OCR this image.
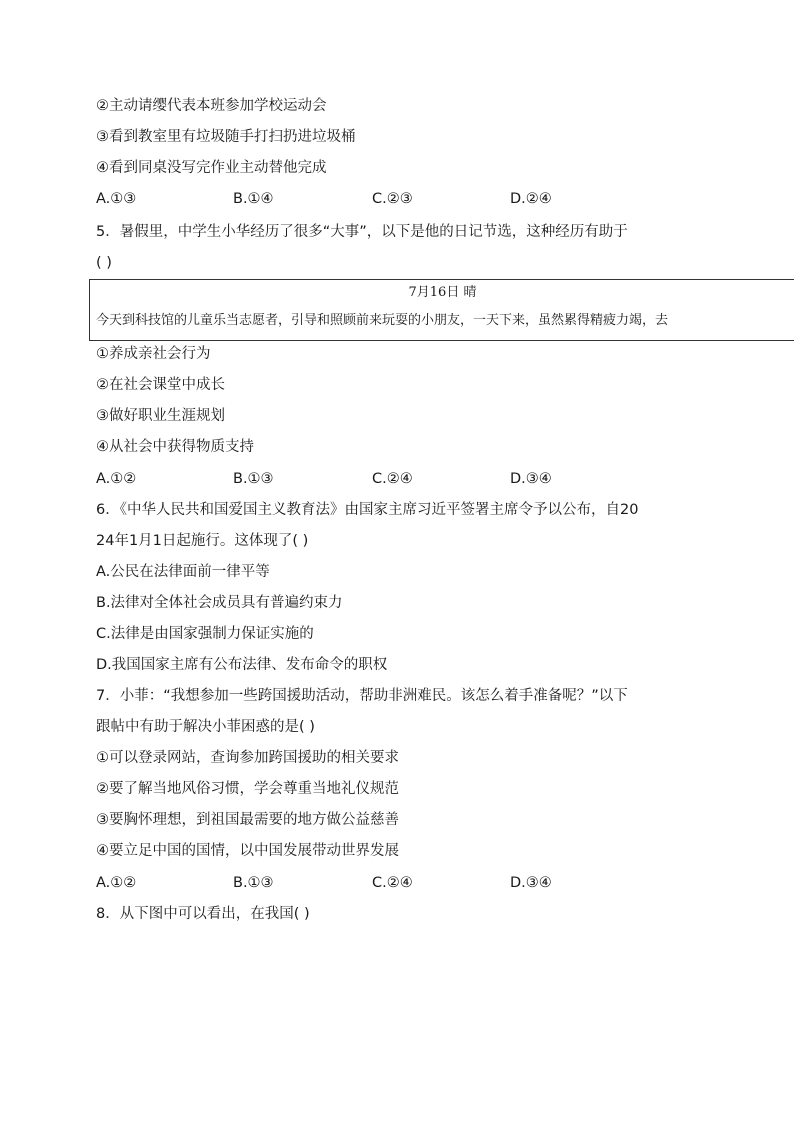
②主动请缨代表本班参加学校运动会
③看到教室里有垃圾随手打扫扔进垃圾桶
④看到同桌没写完作业主动替他完成
A.①③	B.①④	C.②③	D.②④
5．暑假里，中学生小华经历了很多“大事”，以下是他的日记节选，这种经历有助于
( )
7月16日 晴
今天到科技馆的儿童乐当志愿者，引导和照顾前来玩耍的小朋友，一天下来，虽然累得精疲力竭，去
①养成亲社会行为
②在社会课堂中成长
③做好职业生涯规划
④从社会中获得物质支持
A.①②	B.①③	C.②④	D.③④
6．《中华人民共和国爱国主义教育法》由国家主席习近平签署主席令予以公布，自20
24年1月1日起施行。这体现了( )
A.公民在法律面前一律平等
B.法律对全体社会成员具有普遍约束力
C.法律是由国家强制力保证实施的
D.我国国家主席有公布法律、发布命令的职权
7．小菲：“我想参加一些跨国援助活动，帮助非洲难民。该怎么着手准备呢？”以下
跟帖中有助于解决小菲困惑的是( )
①可以登录网站，查询参加跨国援助的相关要求
②要了解当地风俗习惯，学会尊重当地礼仪规范
③要胸怀理想，到祖国最需要的地方做公益慈善
④要立足中国的国情，以中国发展带动世界发展
A.①②	B.①③	C.②④	D.③④
8．从下图中可以看出，在我国( )
